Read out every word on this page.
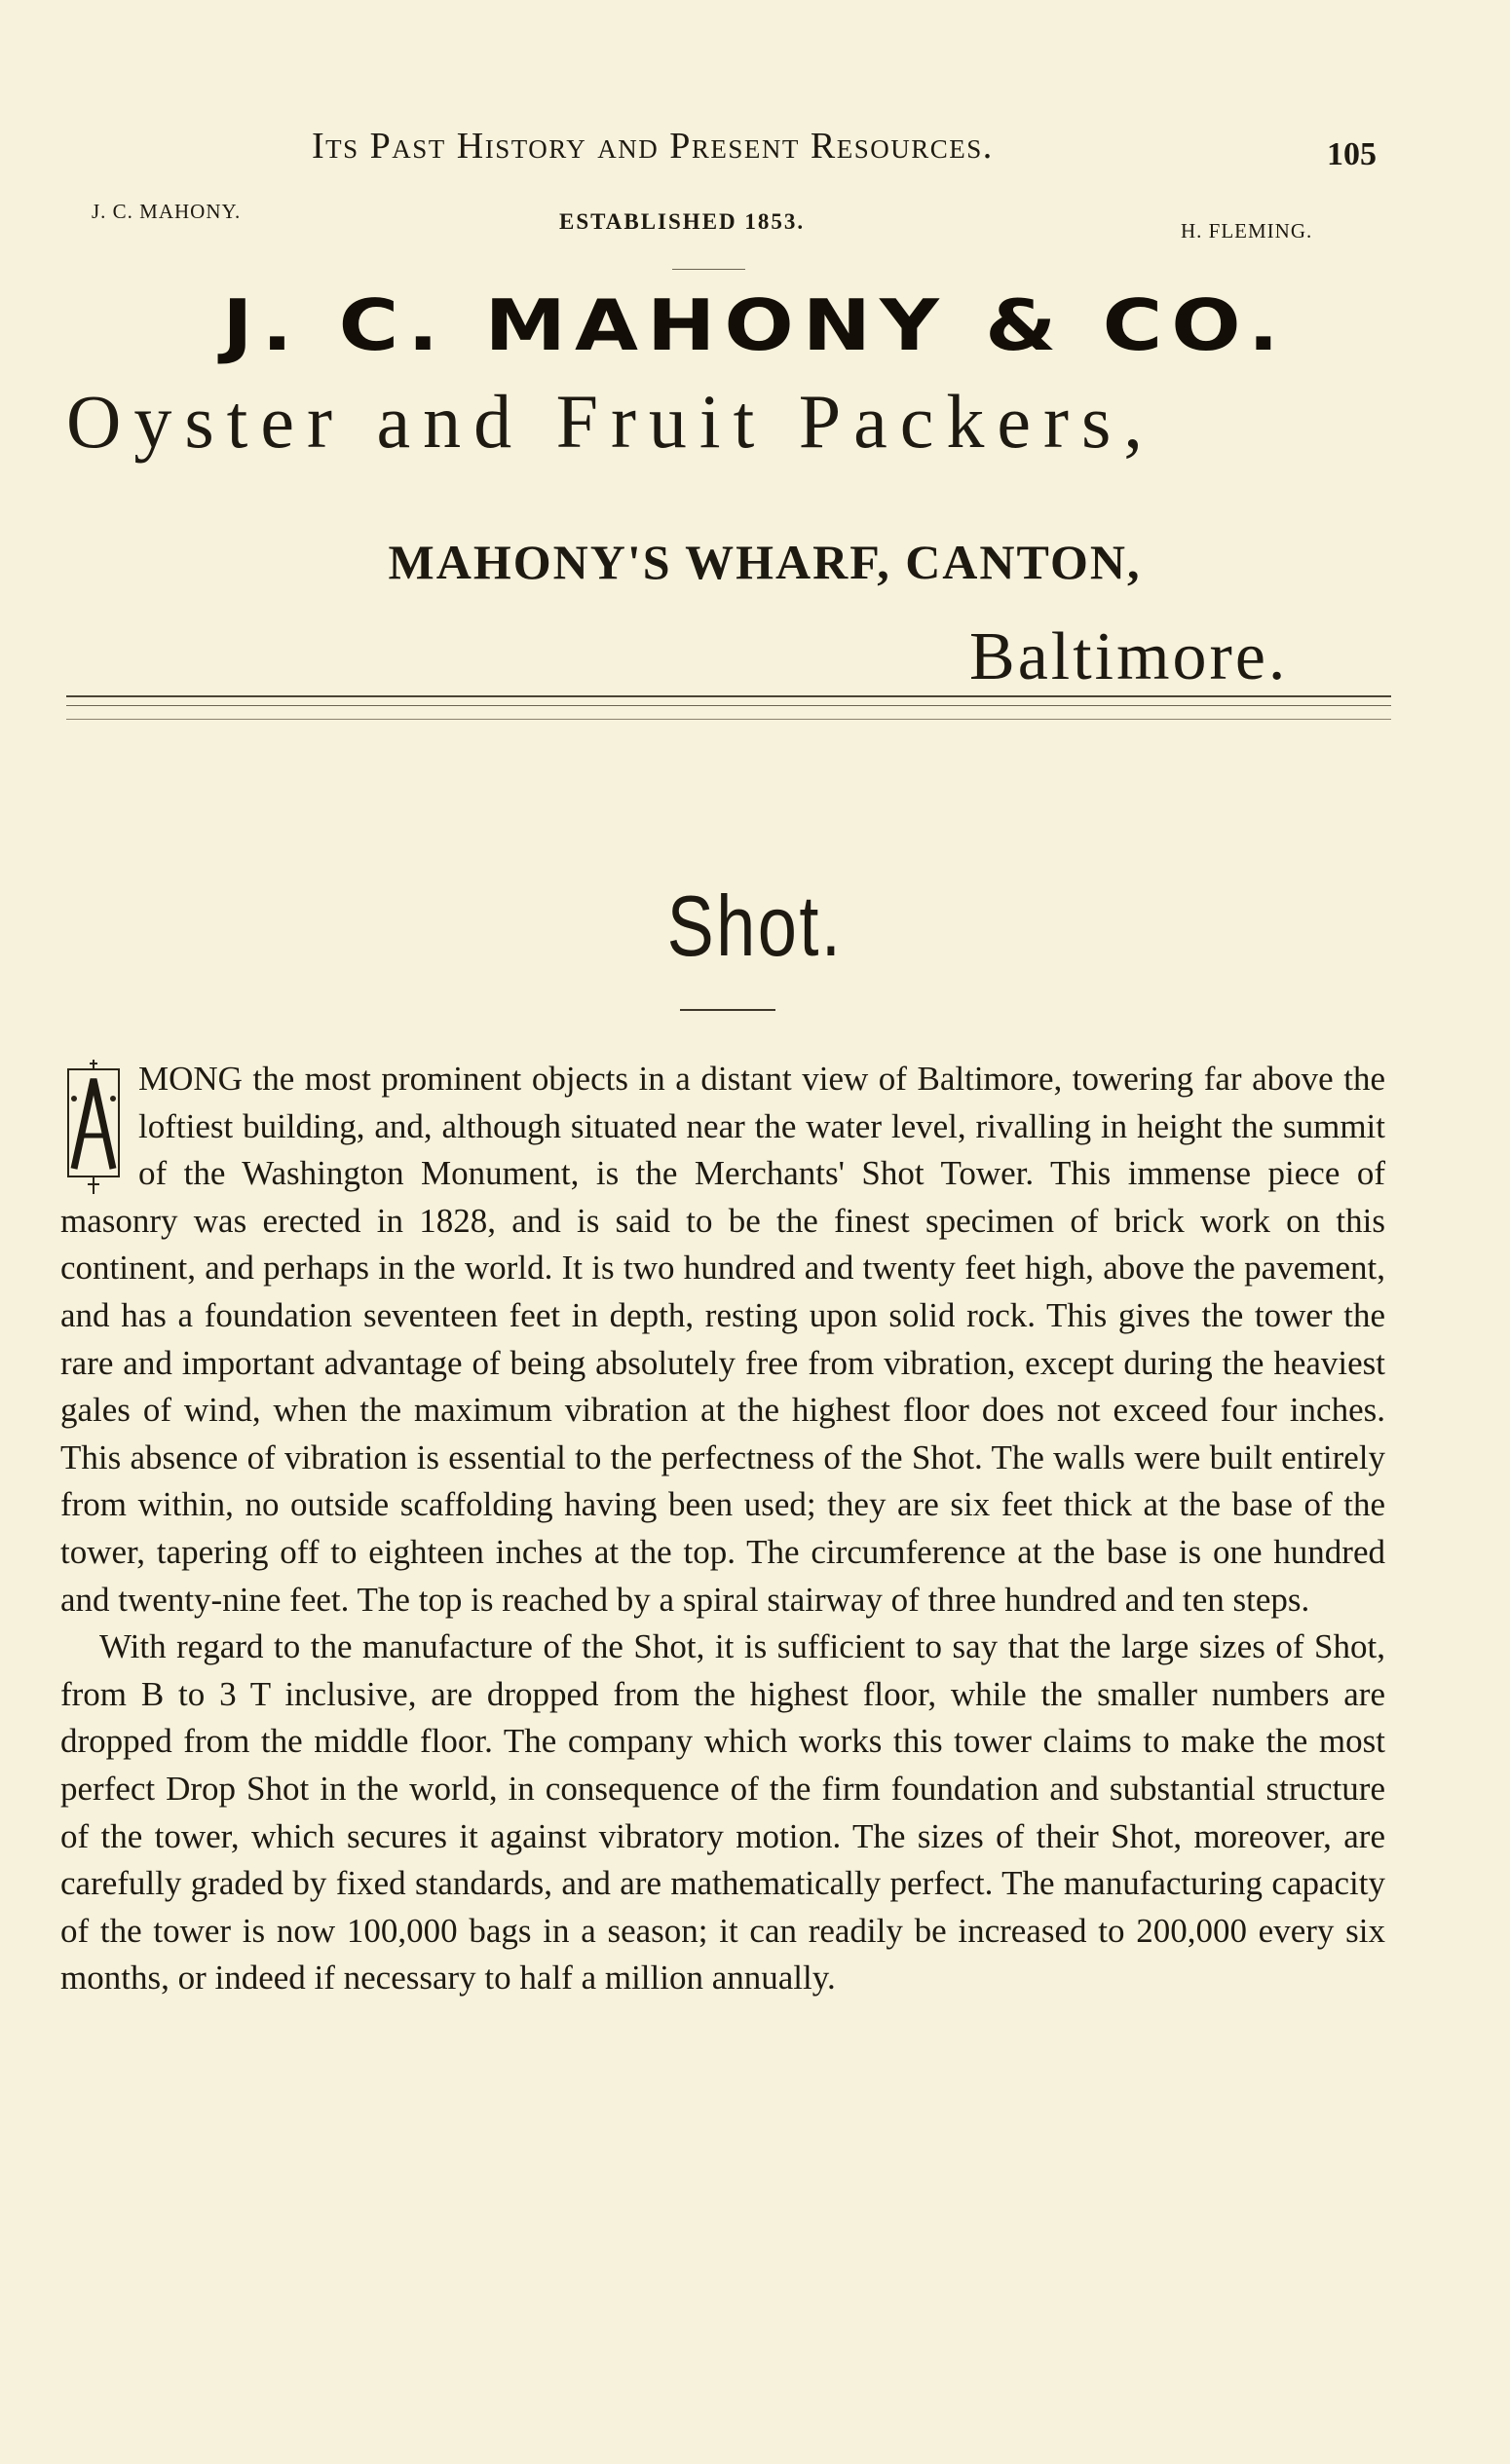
Its Past History and Present Resources.	105
J. C. MAHONY.	ESTABLISHED 1853.	H. FLEMING.
J. C. MAHONY & CO.
Oyster and Fruit Packers,
MAHONY'S WHARF, CANTON,
Baltimore.
Shot.

MONG the most prominent objects in a distant view of Baltimore, towering far above the loftiest building, and, although situated near the water level, rivalling in height the summit of the Washington Monument, is the Merchants' Shot Tower. This immense piece of masonry was erected in 1828, and is said to be the finest specimen of brick work on this continent, and perhaps in the world. It is two hundred and twenty feet high, above the pavement, and has a foundation seventeen feet in depth, resting upon solid rock. This gives the tower the rare and important advantage of being absolutely free from vibration, except during the heaviest gales of wind, when the maximum vibration at the highest floor does not exceed four inches. This absence of vibration is essential to the perfectness of the Shot. The walls were built entirely from within, no outside scaffolding having been used; they are six feet thick at the base of the tower, tapering off to eighteen inches at the top. The circumference at the base is one hundred and twenty-nine feet. The top is reached by a spiral stairway of three hundred and ten steps.

With regard to the manufacture of the Shot, it is sufficient to say that the large sizes of Shot, from B to 3 T inclusive, are dropped from the highest floor, while the smaller numbers are dropped from the middle floor. The company which works this tower claims to make the most perfect Drop Shot in the world, in consequence of the firm foundation and substantial structure of the tower, which secures it against vibratory motion. The sizes of their Shot, moreover, are carefully graded by fixed standards, and are mathematically perfect. The manufacturing capacity of the tower is now 100,000 bags in a season; it can readily be increased to 200,000 every six months, or indeed if necessary to half a million annually.
